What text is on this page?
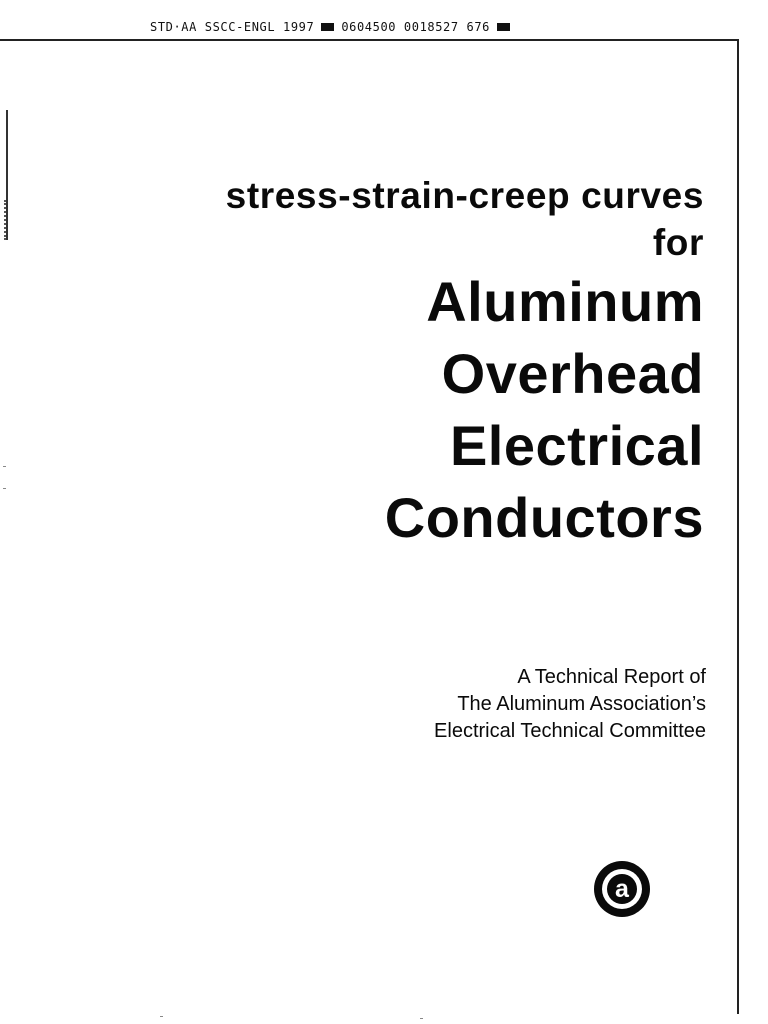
STD·AA SSCC-ENGL 1997 0604500 0018527 676
stress-strain-creep curves
for
Aluminum
Overhead
Electrical
Conductors
A Technical Report of
The Aluminum Association’s
Electrical Technical Committee
a
